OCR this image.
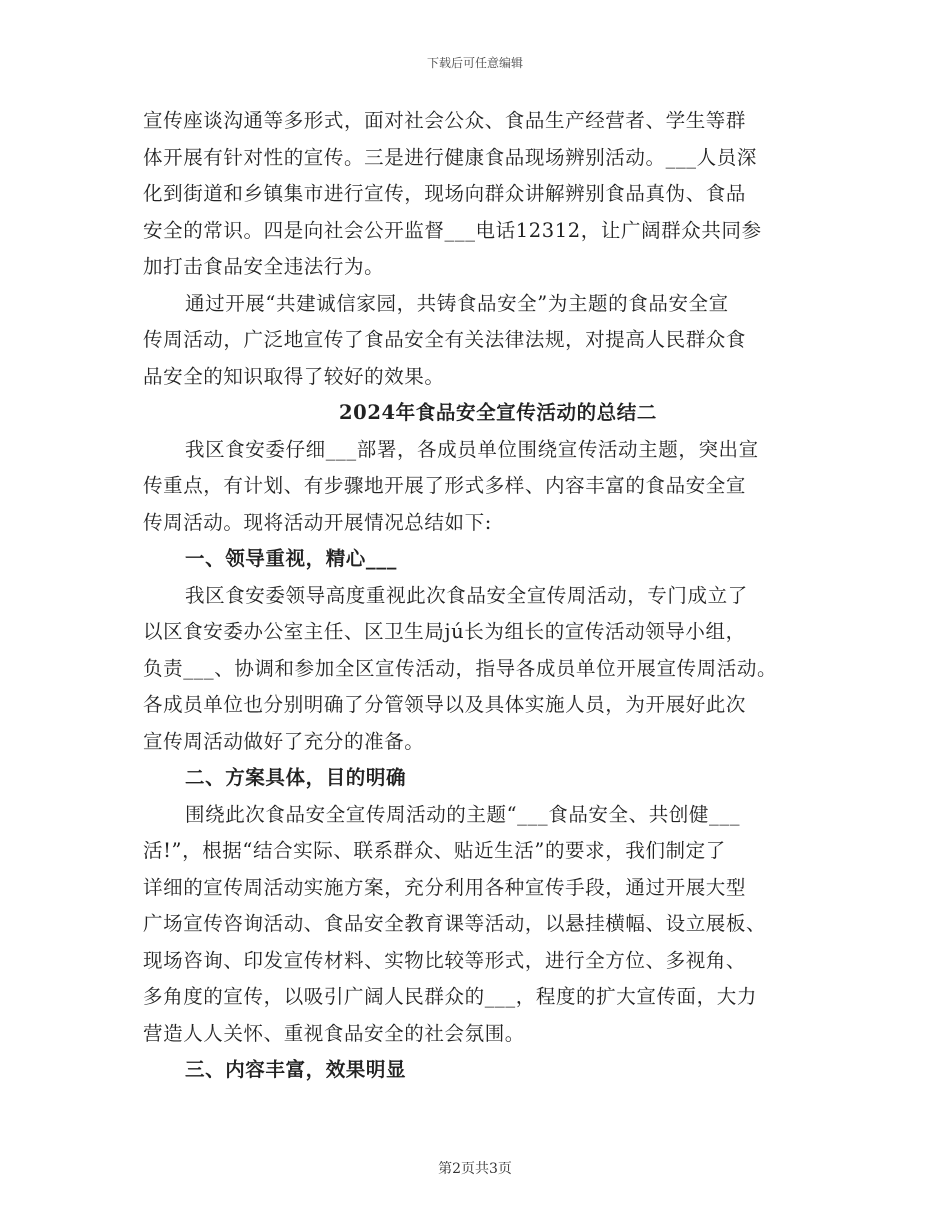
下载后可任意编辑
宣传座谈沟通等多形式，面对社会公众、食品生产经营者、学生等群
体开展有针对性的宣传。三是进行健康食品现场辨别活动。___人员深
化到街道和乡镇集市进行宣传，现场向群众讲解辨别食品真伪、食品
安全的常识。四是向社会公开监督___电话12312，让广阔群众共同参
加打击食品安全违法行为。
通过开展“共建诚信家园，共铸食品安全”为主题的食品安全宣
传周活动，广泛地宣传了食品安全有关法律法规，对提高人民群众食
品安全的知识取得了较好的效果。
2024年食品安全宣传活动的总结二
我区食安委仔细___部署，各成员单位围绕宣传活动主题，突出宣
传重点，有计划、有步骤地开展了形式多样、内容丰富的食品安全宣
传周活动。现将活动开展情况总结如下:
一、领导重视，精心___
我区食安委领导高度重视此次食品安全宣传周活动，专门成立了
以区食安委办公室主任、区卫生局jú长为组长的宣传活动领导小组，
负责___、协调和参加全区宣传活动，指导各成员单位开展宣传周活动。
各成员单位也分别明确了分管领导以及具体实施人员，为开展好此次
宣传周活动做好了充分的准备。
二、方案具体，目的明确
围绕此次食品安全宣传周活动的主题“___食品安全、共创健___
活!”，根据“结合实际、联系群众、贴近生活”的要求，我们制定了
详细的宣传周活动实施方案，充分利用各种宣传手段，通过开展大型
广场宣传咨询活动、食品安全教育课等活动，以悬挂横幅、设立展板、
现场咨询、印发宣传材料、实物比较等形式，进行全方位、多视角、
多角度的宣传，以吸引广阔人民群众的___，程度的扩大宣传面，大力
营造人人关怀、重视食品安全的社会氛围。
三、内容丰富，效果明显
第2页共3页
